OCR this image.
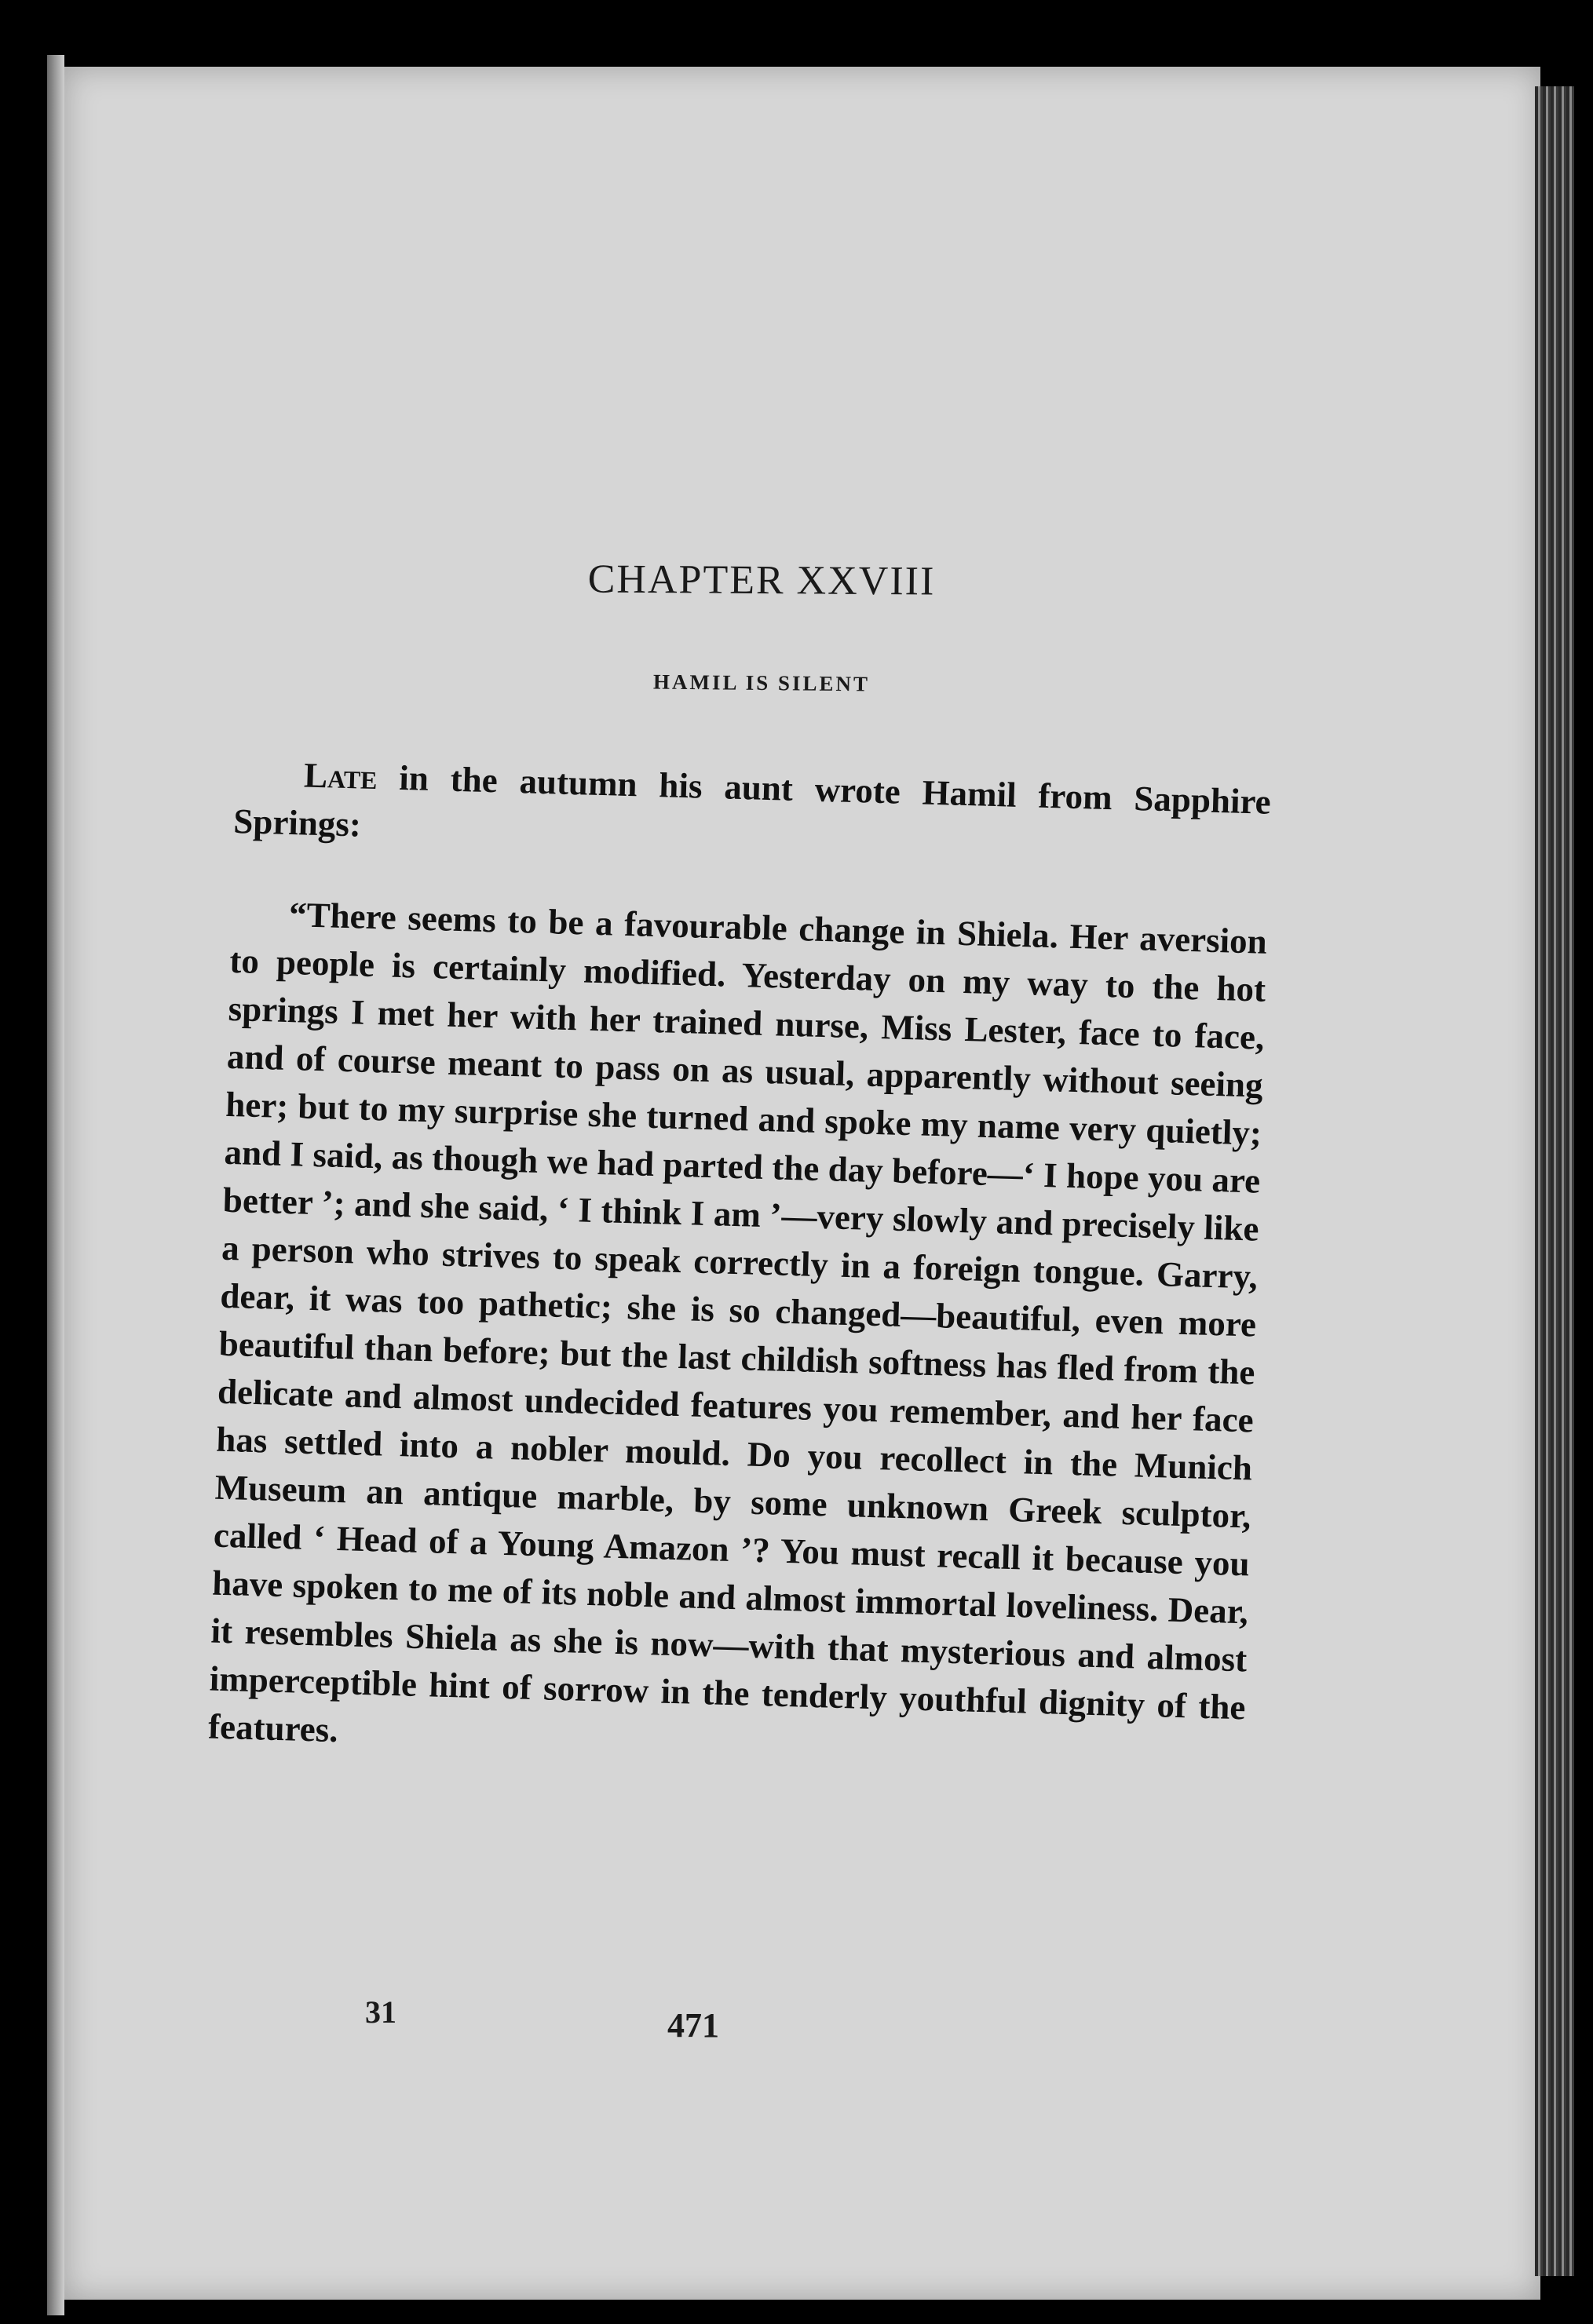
CHAPTER XXVIII
HAMIL IS SILENT

Late in the autumn his aunt wrote Hamil from Sapphire Springs:

“There seems to be a favourable change in Shiela. Her aversion to people is certainly modified. Yesterday on my way to the hot springs I met her with her trained nurse, Miss Lester, face to face, and of course meant to pass on as usual, apparently without seeing her; but to my surprise she turned and spoke my name very quietly; and I said, as though we had parted the day before—‘ I hope you are better ’; and she said, ‘ I think I am ’—very slowly and precisely like a person who strives to speak correctly in a foreign tongue. Garry, dear, it was too pathetic; she is so changed—beautiful, even more beautiful than before; but the last childish softness has fled from the delicate and almost undecided features you remember, and her face has settled into a nobler mould. Do you recollect in the Munich Museum an antique marble, by some unknown Greek sculptor, called ‘ Head of a Young Amazon ’? You must recall it because you have spoken to me of its noble and almost immortal loveliness. Dear, it resembles Shiela as she is now—with that mysterious and almost imperceptible hint of sorrow in the tenderly youthful dignity of the features.

31	471
